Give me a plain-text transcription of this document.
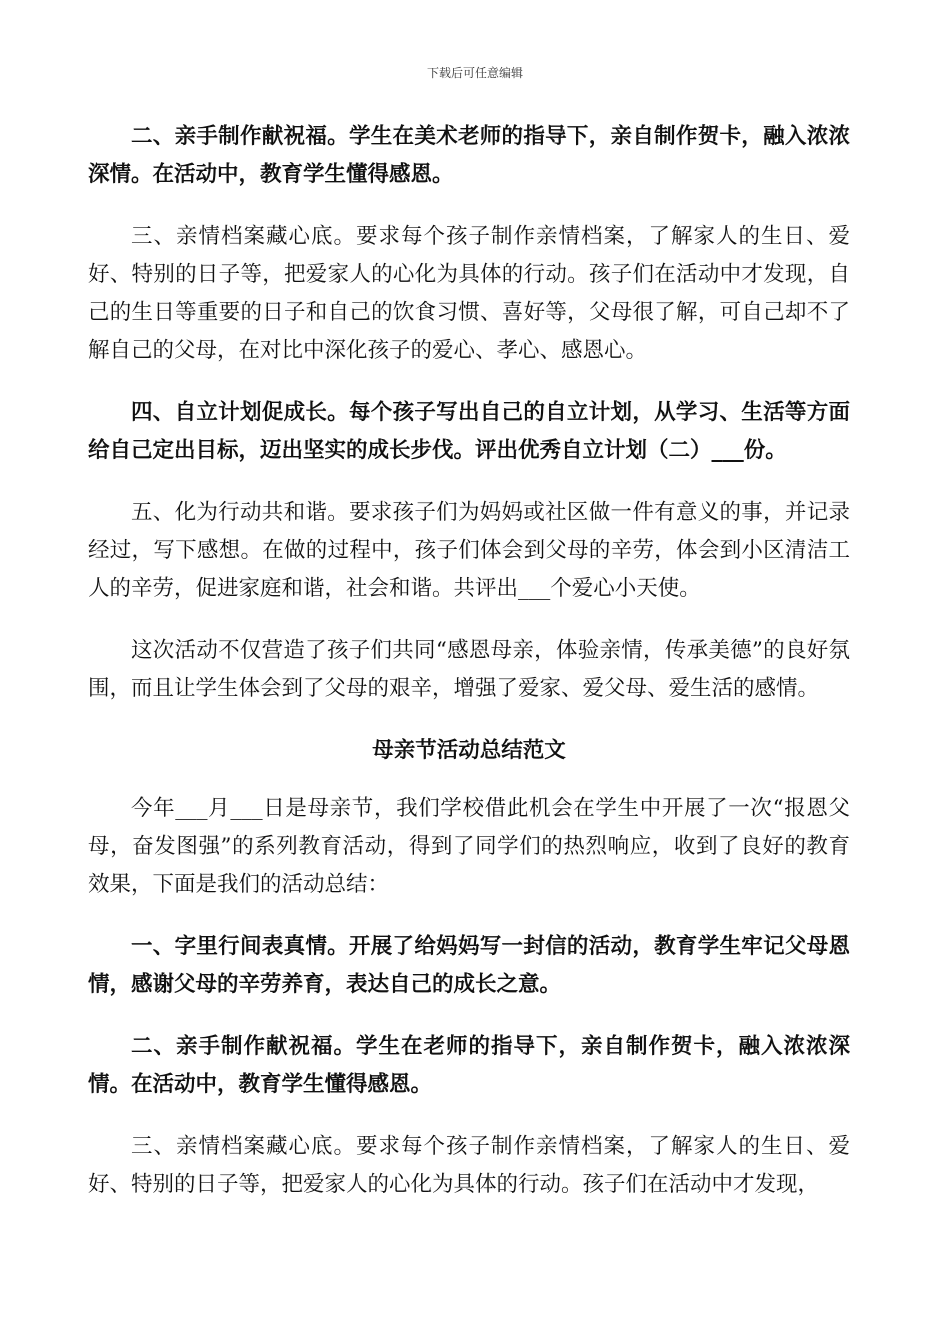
下载后可任意编辑

二、亲手制作献祝福。学生在美术老师的指导下，亲自制作贺卡，融入浓浓深情。在活动中，教育学生懂得感恩。

三、亲情档案藏心底。要求每个孩子制作亲情档案，了解家人的生日、爱好、特别的日子等，把爱家人的心化为具体的行动。孩子们在活动中才发现，自己的生日等重要的日子和自己的饮食习惯、喜好等，父母很了解，可自己却不了解自己的父母，在对比中深化孩子的爱心、孝心、感恩心。

四、自立计划促成长。每个孩子写出自己的自立计划，从学习、生活等方面给自己定出目标，迈出坚实的成长步伐。评出优秀自立计划（二）___份。

五、化为行动共和谐。要求孩子们为妈妈或社区做一件有意义的事，并记录经过，写下感想。在做的过程中，孩子们体会到父母的辛劳，体会到小区清洁工人的辛劳，促进家庭和谐，社会和谐。共评出___个爱心小天使。

这次活动不仅营造了孩子们共同“感恩母亲，体验亲情，传承美德”的良好氛围，而且让学生体会到了父母的艰辛，增强了爱家、爱父母、爱生活的感情。

母亲节活动总结范文

今年___月___日是母亲节，我们学校借此机会在学生中开展了一次“报恩父母，奋发图强”的系列教育活动，得到了同学们的热烈响应，收到了良好的教育效果，下面是我们的活动总结：

一、字里行间表真情。开展了给妈妈写一封信的活动，教育学生牢记父母恩情，感谢父母的辛劳养育，表达自己的成长之意。

二、亲手制作献祝福。学生在老师的指导下，亲自制作贺卡，融入浓浓深情。在活动中，教育学生懂得感恩。

三、亲情档案藏心底。要求每个孩子制作亲情档案，了解家人的生日、爱好、特别的日子等，把爱家人的心化为具体的行动。孩子们在活动中才发现，
